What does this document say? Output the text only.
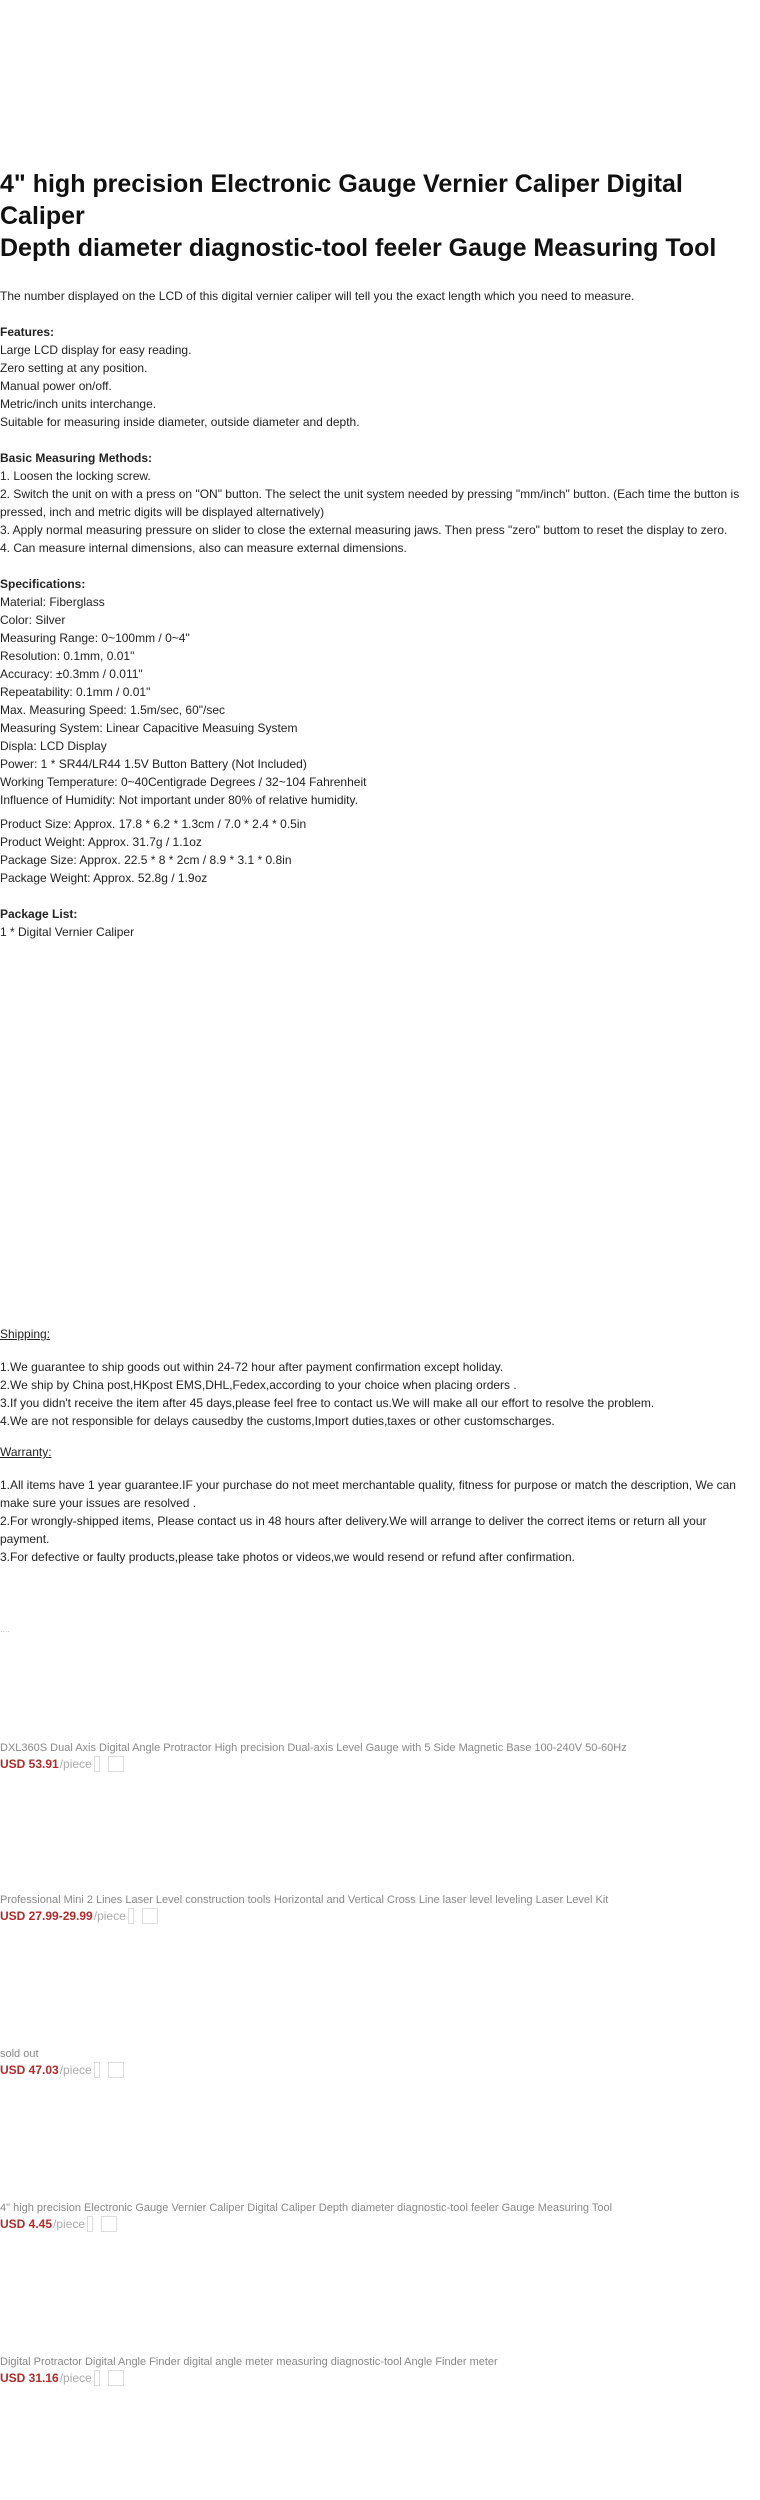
4" high precision Electronic Gauge Vernier Caliper Digital Caliper
Depth diameter diagnostic-tool feeler Gauge Measuring Tool
The number displayed on the LCD of this digital vernier caliper will tell you the exact length which you need to measure.
Features:
Large LCD display for easy reading.
Zero setting at any position.
Manual power on/off.
Metric/inch units interchange.
Suitable for measuring inside diameter, outside diameter and depth.
Basic Measuring Methods:
1. Loosen the locking screw.
2. Switch the unit on with a press on "ON" button. The select the unit system needed by pressing "mm/inch" button. (Each time the button is pressed, inch and metric digits will be displayed alternatively)
3. Apply normal measuring pressure on slider to close the external measuring jaws. Then press "zero" buttom to reset the display to zero.
4. Can measure internal dimensions, also can measure external dimensions.
Specifications:
Material: Fiberglass
Color: Silver
Measuring Range: 0~100mm / 0~4"
Resolution: 0.1mm, 0.01"
Accuracy: ±0.3mm / 0.011"
Repeatability: 0.1mm / 0.01"
Max. Measuring Speed: 1.5m/sec, 60"/sec
Measuring System: Linear Capacitive Measuing System
Displa: LCD Display
Power: 1 * SR44/LR44 1.5V Button Battery (Not Included)
Working Temperature: 0~40Centigrade Degrees / 32~104 Fahrenheit
Influence of Humidity: Not important under 80% of relative humidity.
Product Size: Approx. 17.8 * 6.2 * 1.3cm / 7.0 * 2.4 * 0.5in
Product Weight: Approx. 31.7g / 1.1oz
Package Size: Approx. 22.5 * 8 * 2cm / 8.9 * 3.1 * 0.8in
Package Weight: Approx. 52.8g / 1.9oz
Package List:
1 * Digital Vernier Caliper
Shipping:
1.We guarantee to ship goods out within 24-72 hour after payment confirmation except holiday.
2.We ship by China post,HKpost EMS,DHL,Fedex,according to your choice when placing orders .
3.If you didn't receive the item after 45 days,please feel free to contact us.We will make all our effort to resolve the problem.
4.We are not responsible for delays causedby the customs,Import duties,taxes or other customscharges.
Warranty:
1.All items have 1 year guarantee.IF your purchase do not meet merchantable quality, fitness for purpose or match the description, We can make sure your issues are resolved .
2.For wrongly-shipped items, Please contact us in 48 hours after delivery.We will arrange to deliver the correct items or return all your payment.
3.For defective or faulty products,please take photos or videos,we would resend or refund after confirmation.
....
DXL360S Dual Axis Digital Angle Protractor High precision Dual-axis Level Gauge with 5 Side Magnetic Base 100-240V 50-60Hz
USD 53.91 /piece
Professional Mini 2 Lines Laser Level construction tools Horizontal and Vertical Cross Line laser level leveling Laser Level Kit
USD 27.99-29.99 /piece
sold out
USD 47.03 /piece
4" high precision Electronic Gauge Vernier Caliper Digital Caliper Depth diameter diagnostic-tool feeler Gauge Measuring Tool
USD 4.45 /piece
Digital Protractor Digital Angle Finder digital angle meter measuring diagnostic-tool Angle Finder meter
USD 31.16 /piece
